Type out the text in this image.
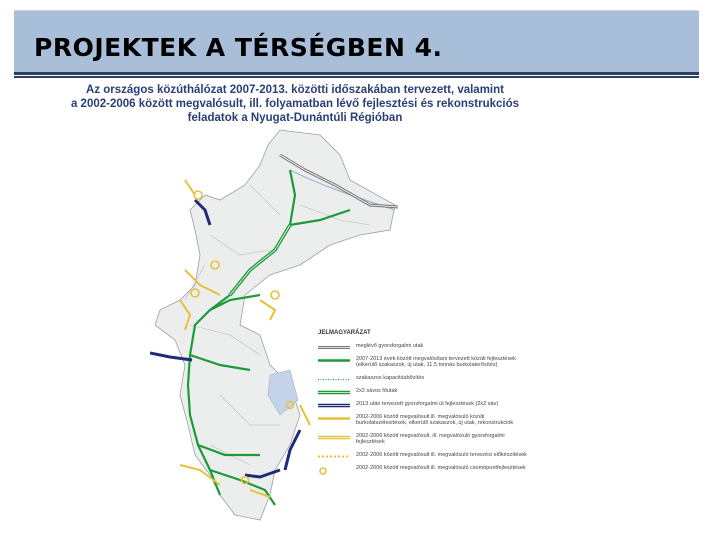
PROJEKTEK A TÉRSÉGBEN 4.
Az országos közúthálózat 2007-2013. közötti időszakában tervezett, valamint
a 2002-2006 között megvalósult, ill. folyamatban lévő fejlesztési és rekonstrukciós
feladatok a Nyugat-Dunántúli Régióban
JELMAGYARÁZAT
meglévő gyorsforgalmi utak
2007-2013 évek között megvalósítani tervezett közúti fejlesztések (elkerülő szakaszok, új utak, 11.5 tonnás burkolaterősítés)
szakaszos kapacitásbővítés
2x2 sávos főutak
2013 után tervezett gyorsforgalmi út fejlesztések (2x2 sáv)
2002-2006 között megvalósult ill. megvalósuló közúti burkolatszélesítések, elkerülő szakaszok, új utak, rekonstrukciók
2002-2006 között megvalósult, ill. megvalósuló gyorsforgalmi fejlesztések
2002-2006 között megvalósult ill. megvalósuló tervezési előkészítések
2002-2006 között megvalósult ill. megvalósuló csomópontfejlesztések
